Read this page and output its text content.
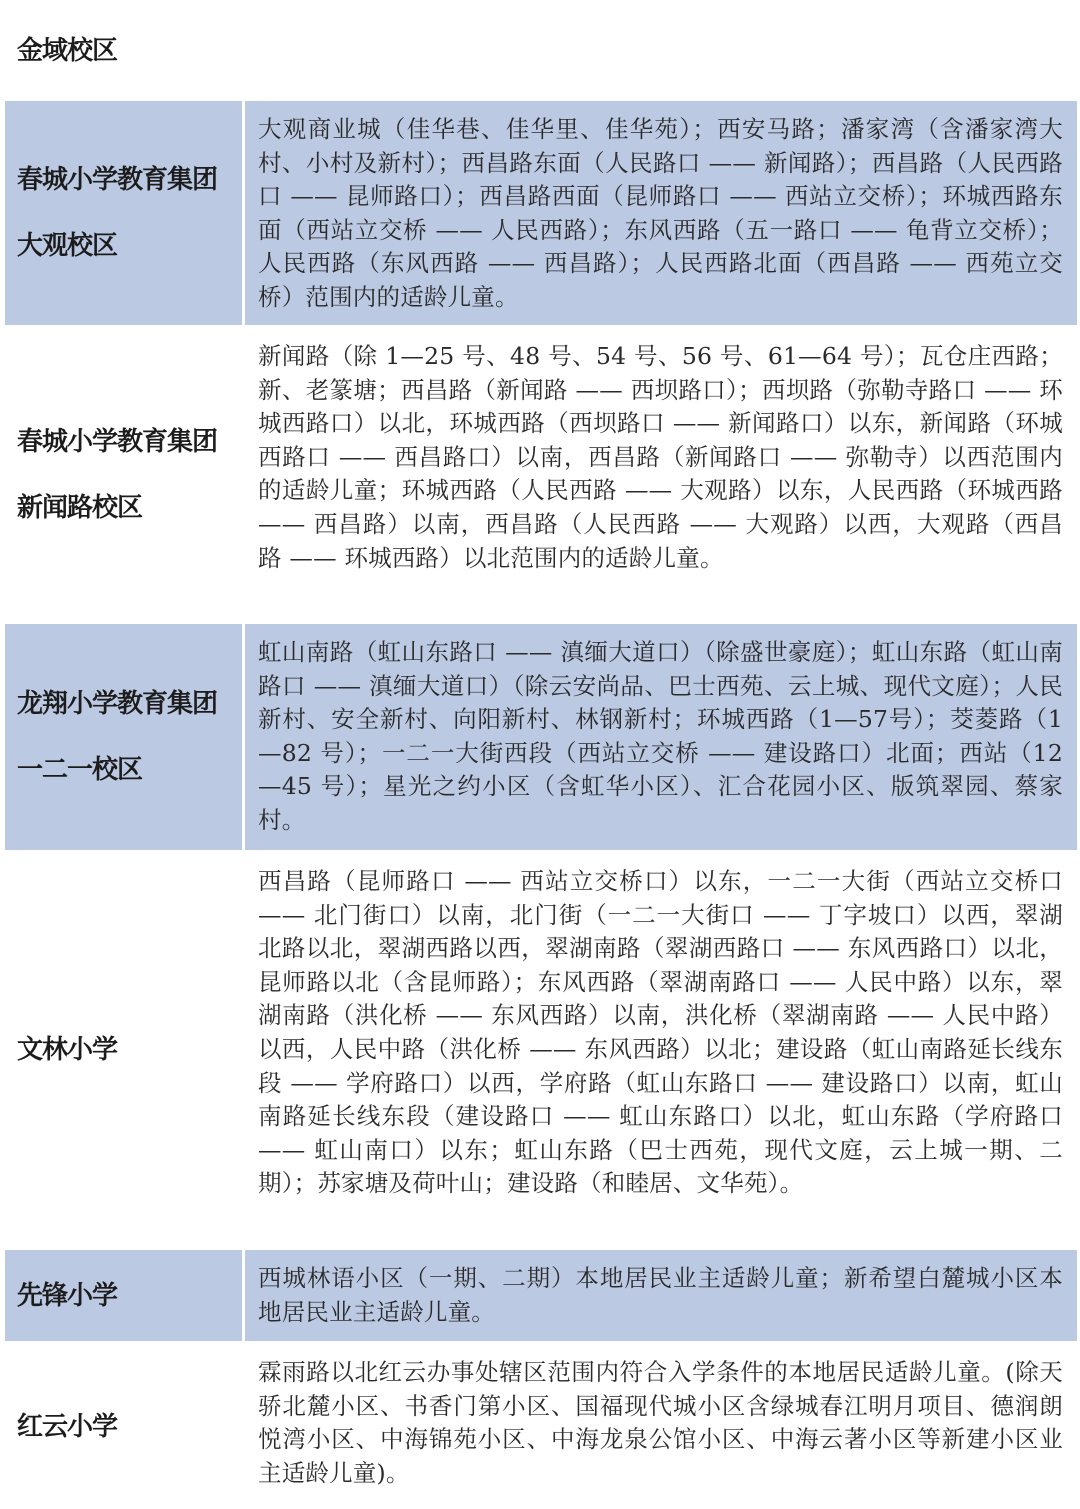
金域校区
春城小学教育集团
大观校区
大观商业城（佳华巷、佳华里、佳华苑）；西安马路；潘家湾（含潘家湾大村、小村及新村）；西昌路东面（人民路口 —— 新闻路）；西昌路（人民西路口 —— 昆师路口）；西昌路西面（昆师路口 —— 西站立交桥）；环城西路东面（西站立交桥 —— 人民西路）；东风西路（五一路口 —— 龟背立交桥）；人民西路（东风西路 —— 西昌路）；人民西路北面（西昌路 —— 西苑立交桥）范围内的适龄儿童。
春城小学教育集团
新闻路校区
新闻路（除 1—25 号、48 号、54 号、56 号、61—64 号）；瓦仓庄西路；新、老篆塘；西昌路（新闻路 —— 西坝路口）；西坝路（弥勒寺路口 —— 环城西路口）以北，环城西路（西坝路口 —— 新闻路口）以东，新闻路（环城西路口 —— 西昌路口）以南，西昌路（新闻路口 —— 弥勒寺）以西范围内的适龄儿童；环城西路（人民西路 —— 大观路）以东，人民西路（环城西路 —— 西昌路）以南，西昌路（人民西路 —— 大观路）以西，大观路（西昌路 —— 环城西路）以北范围内的适龄儿童。
龙翔小学教育集团
一二一校区
虹山南路（虹山东路口 —— 滇缅大道口）（除盛世豪庭）；虹山东路（虹山南路口 —— 滇缅大道口）（除云安尚品、巴士西苑、云上城、现代文庭）；人民新村、安全新村、向阳新村、林钢新村；环城西路（1—57号）；茭菱路（1—82 号）；一二一大街西段（西站立交桥 —— 建设路口）北面；西站（12—45 号）；星光之约小区（含虹华小区）、汇合花园小区、版筑翠园、蔡家村。
文林小学
西昌路（昆师路口 —— 西站立交桥口）以东，一二一大街（西站立交桥口 —— 北门街口）以南，北门街（一二一大街口 —— 丁字坡口）以西，翠湖北路以北，翠湖西路以西，翠湖南路（翠湖西路口 —— 东风西路口）以北，昆师路以北（含昆师路）；东风西路（翠湖南路口 —— 人民中路）以东，翠湖南路（洪化桥 —— 东风西路）以南，洪化桥（翠湖南路 —— 人民中路）以西，人民中路（洪化桥 —— 东风西路）以北；建设路（虹山南路延长线东段 —— 学府路口）以西，学府路（虹山东路口 —— 建设路口）以南，虹山南路延长线东段（建设路口 —— 虹山东路口）以北，虹山东路（学府路口 —— 虹山南口）以东；虹山东路（巴士西苑，现代文庭，云上城一期、二期）；苏家塘及荷叶山；建设路（和睦居、文华苑）。
先锋小学
西城林语小区（一期、二期）本地居民业主适龄儿童；新希望白麓城小区本地居民业主适龄儿童。
红云小学
霖雨路以北红云办事处辖区范围内符合入学条件的本地居民适龄儿童。(除天骄北麓小区、书香门第小区、国福现代城小区含绿城春江明月项目、德润朗悦湾小区、中海锦苑小区、中海龙泉公馆小区、中海云著小区等新建小区业主适龄儿童)。
